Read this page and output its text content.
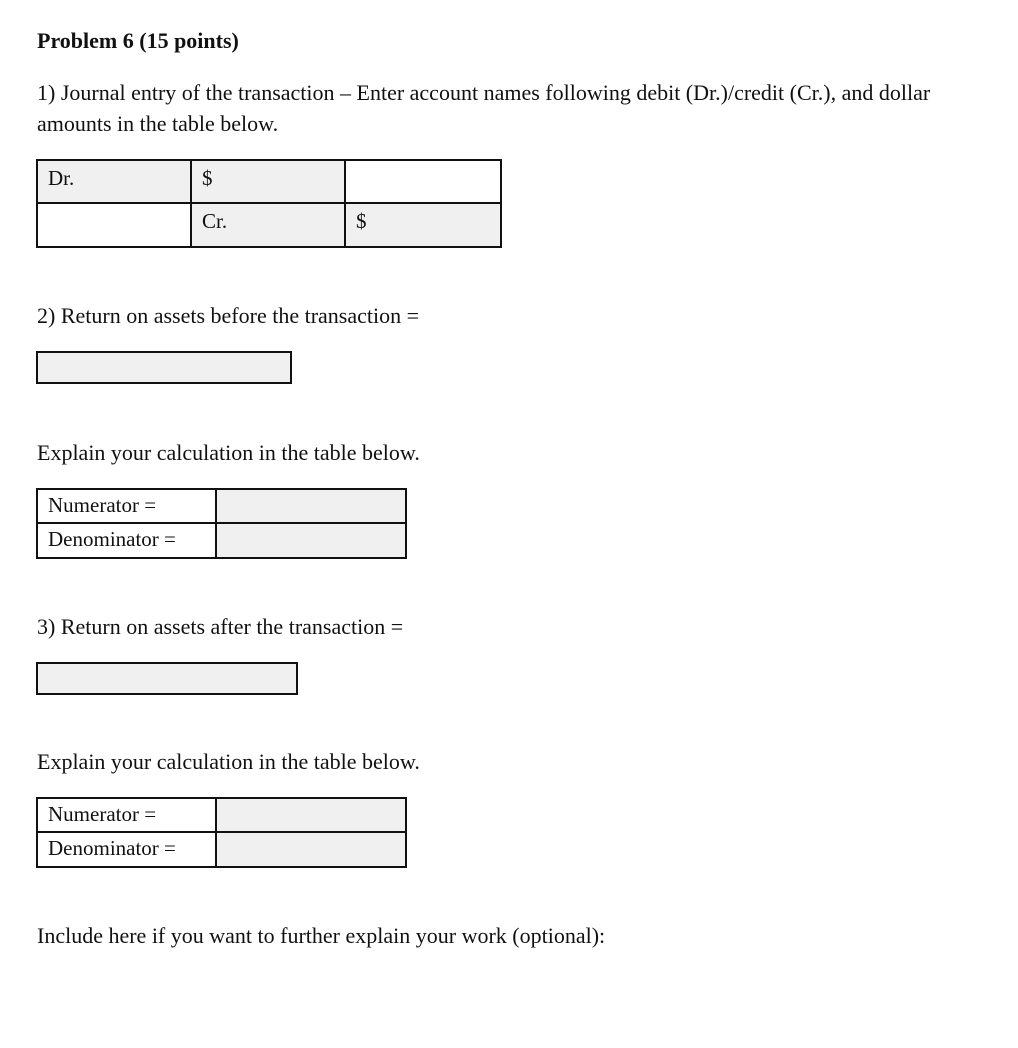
Problem 6 (15 points)
1) Journal entry of the transaction – Enter account names following debit (Dr.)/credit (Cr.), and dollar amounts in the table below.
Dr.	$
Cr.	$
2) Return on assets before the transaction =
Explain your calculation in the table below.
Numerator =
Denominator =
3) Return on assets after the transaction =
Explain your calculation in the table below.
Numerator =
Denominator =
Include here if you want to further explain your work (optional):
